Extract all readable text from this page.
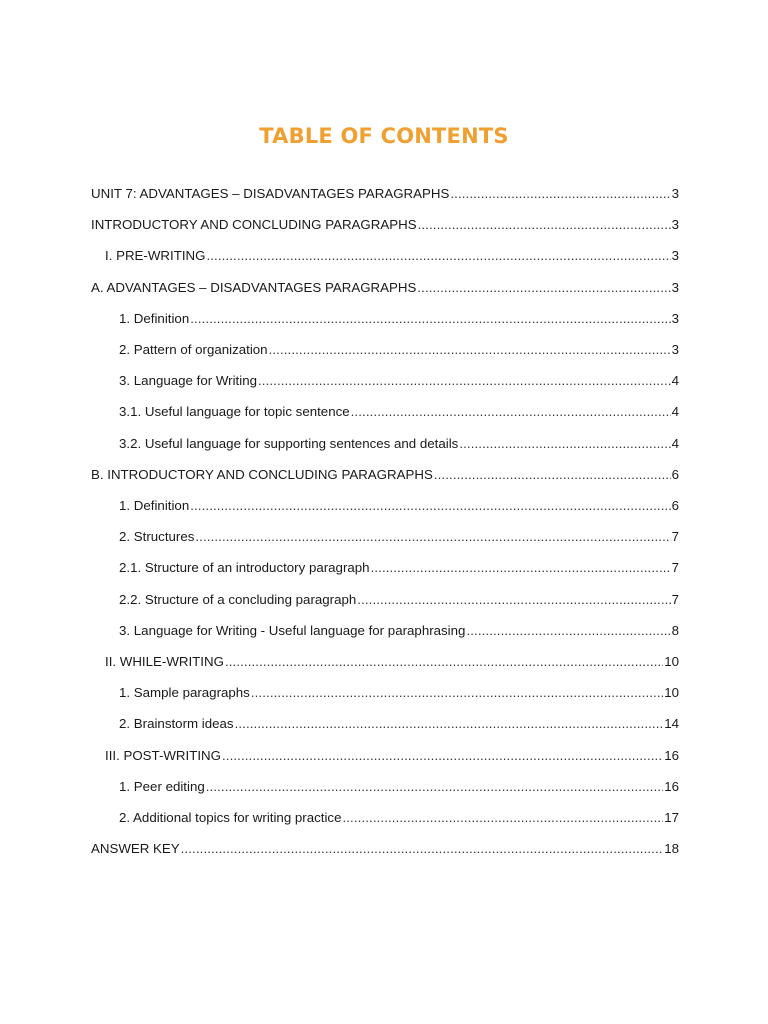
TABLE OF CONTENTS
UNIT 7: ADVANTAGES – DISADVANTAGES PARAGRAPHS .....	3
INTRODUCTORY AND CONCLUDING PARAGRAPHS .....	3
I. PRE-WRITING .....	3
A. ADVANTAGES – DISADVANTAGES PARAGRAPHS .....	3
1. Definition .....	3
2. Pattern of organization .....	3
3. Language for Writing .....	4
3.1. Useful language for topic sentence .....	4
3.2. Useful language for supporting sentences and details .....	4
B. INTRODUCTORY AND CONCLUDING PARAGRAPHS .....	6
1. Definition .....	6
2. Structures .....	7
2.1. Structure of an introductory paragraph .....	7
2.2. Structure of a concluding paragraph .....	7
3. Language for Writing - Useful language for paraphrasing .....	8
II. WHILE-WRITING .....	10
1. Sample paragraphs .....	10
2. Brainstorm ideas .....	14
III. POST-WRITING .....	16
1. Peer editing .....	16
2. Additional topics for writing practice .....	17
ANSWER KEY .....	18
